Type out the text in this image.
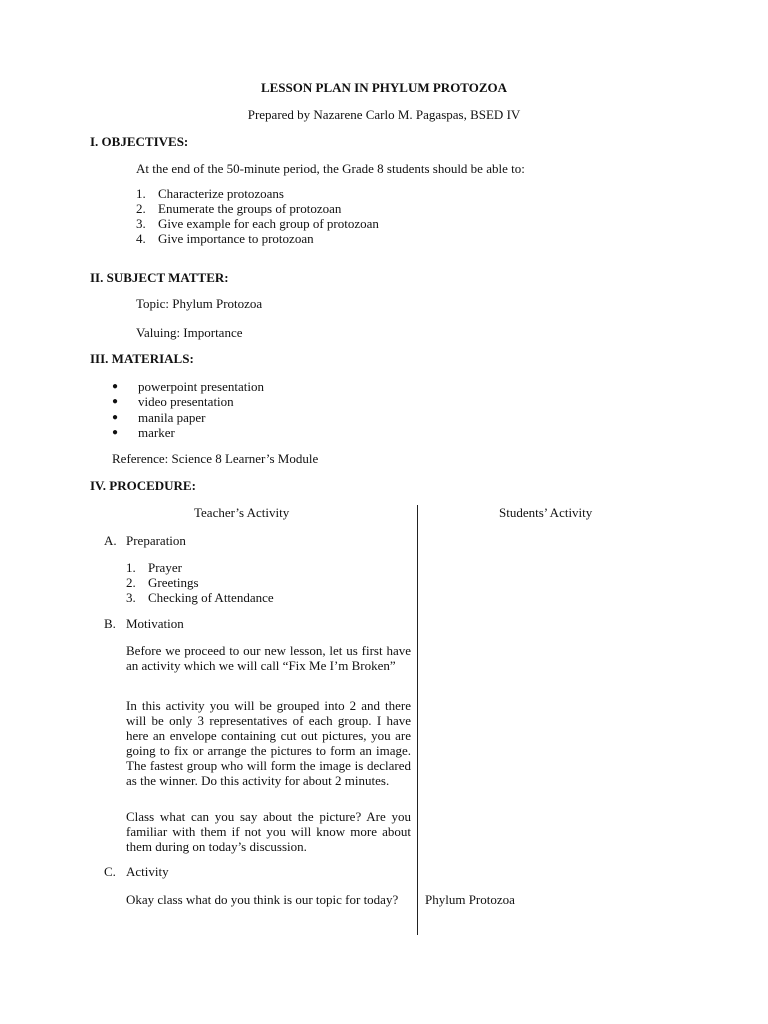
LESSON PLAN IN PHYLUM PROTOZOA
Prepared by Nazarene Carlo M. Pagaspas, BSED IV
I. OBJECTIVES:
At the end of the 50-minute period, the Grade 8 students should be able to:
1. Characterize protozoans
2. Enumerate the groups of protozoan
3. Give example for each group of protozoan
4. Give importance to protozoan
II. SUBJECT MATTER:
Topic: Phylum Protozoa
Valuing: Importance
III. MATERIALS:
● powerpoint presentation
● video presentation
● manila paper
● marker
Reference: Science 8 Learner’s Module
IV. PROCEDURE:
Teacher’s Activity	Students’ Activity
A. Preparation
1. Prayer
2. Greetings
3. Checking of Attendance
B. Motivation
Before we proceed to our new lesson, let us first have an activity which we will call “Fix Me I’m Broken”
In this activity you will be grouped into 2 and there will be only 3 representatives of each group. I have here an envelope containing cut out pictures, you are going to fix or arrange the pictures to form an image. The fastest group who will form the image is declared as the winner. Do this activity for about 2 minutes.
Class what can you say about the picture? Are you familiar with them if not you will know more about them during on today’s discussion.
C. Activity
Okay class what do you think is our topic for today?	Phylum Protozoa
